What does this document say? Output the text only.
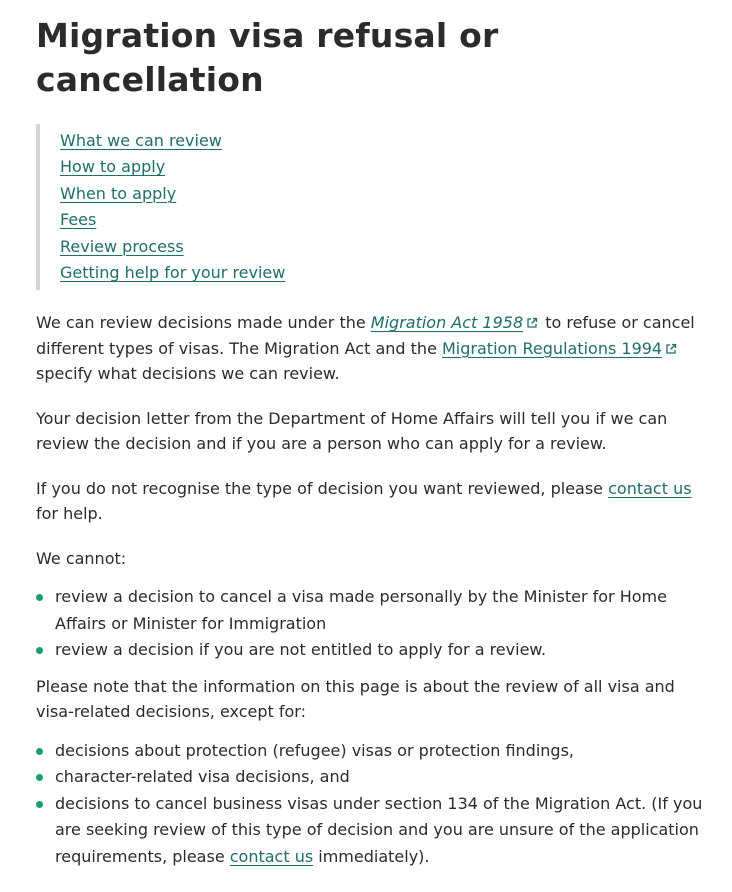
Migration visa refusal or cancellation
What we can review
How to apply
When to apply
Fees
Review process
Getting help for your review

We can review decisions made under the Migration Act 1958 to refuse or cancel different types of visas. The Migration Act and the Migration Regulations 1994 specify what decisions we can review.

Your decision letter from the Department of Home Affairs will tell you if we can review the decision and if you are a person who can apply for a review.

If you do not recognise the type of decision you want reviewed, please contact us for help.

We cannot:

review a decision to cancel a visa made personally by the Minister for Home Affairs or Minister for Immigration
review a decision if you are not entitled to apply for a review.

Please note that the information on this page is about the review of all visa and visa-related decisions, except for:

decisions about protection (refugee) visas or protection findings,
character-related visa decisions, and
decisions to cancel business visas under section 134 of the Migration Act. (If you are seeking review of this type of decision and you are unsure of the application requirements, please contact us immediately).
